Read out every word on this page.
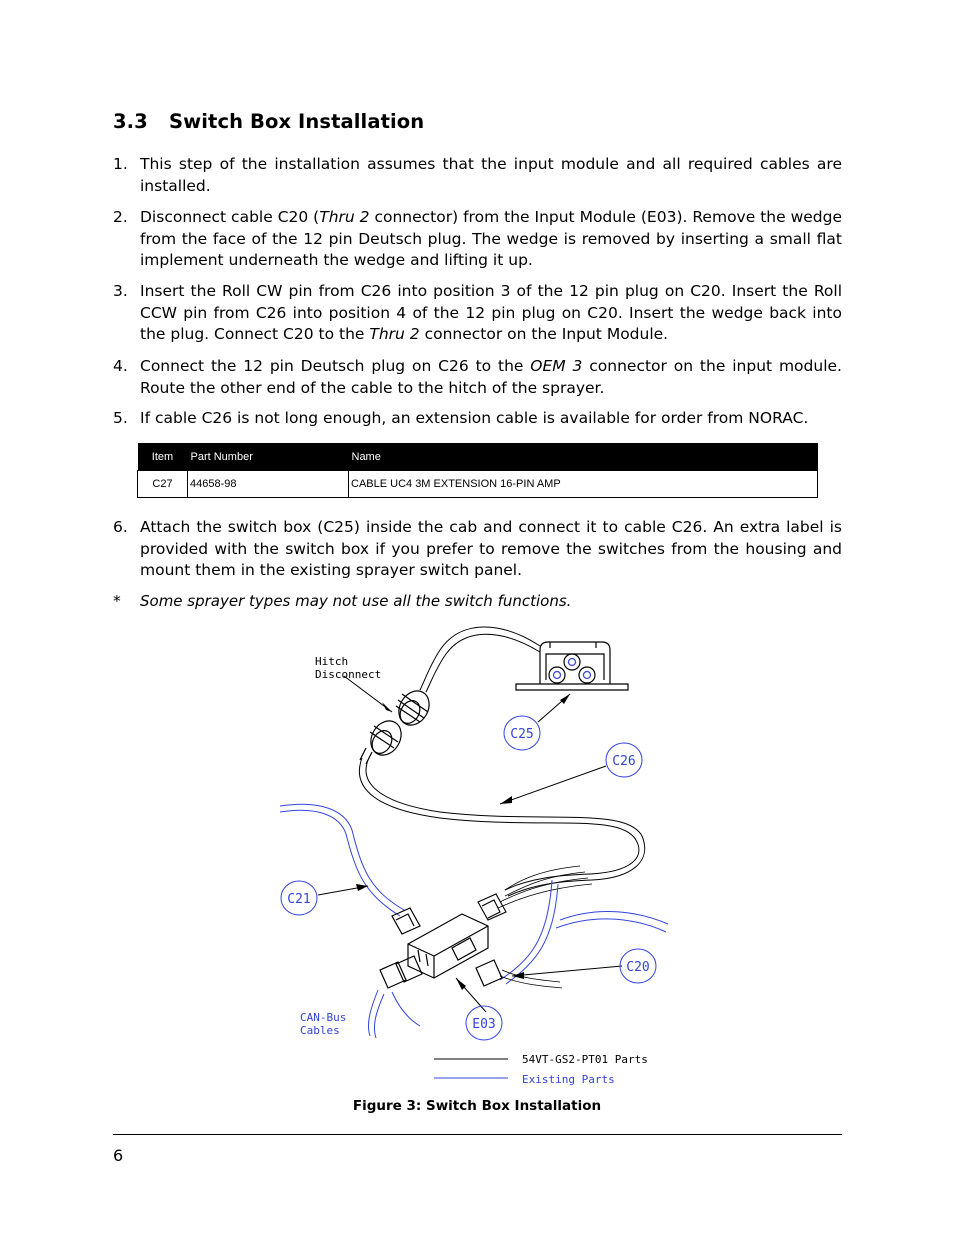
3.3 Switch Box Installation
1. This step of the installation assumes that the input module and all required cables are installed.
2. Disconnect cable C20 (Thru 2 connector) from the Input Module (E03). Remove the wedge from the face of the 12 pin Deutsch plug. The wedge is removed by inserting a small flat implement underneath the wedge and lifting it up.
3. Insert the Roll CW pin from C26 into position 3 of the 12 pin plug on C20. Insert the Roll CCW pin from C26 into position 4 of the 12 pin plug on C20. Insert the wedge back into the plug. Connect C20 to the Thru 2 connector on the Input Module.
4. Connect the 12 pin Deutsch plug on C26 to the OEM 3 connector on the input module. Route the other end of the cable to the hitch of the sprayer.
5. If cable C26 is not long enough, an extension cable is available for order from NORAC.
Item	Part Number	Name
C27	44658-98	CABLE UC4 3M EXTENSION 16-PIN AMP
6. Attach the switch box (C25) inside the cab and connect it to cable C26. An extra label is provided with the switch box if you prefer to remove the switches from the housing and mount them in the existing sprayer switch panel.
* Some sprayer types may not use all the switch functions.
C25
C26
C21
C20
E03
Hitch
Disconnect
CAN-Bus
Cables
54VT-GS2-PT01 Parts
Existing Parts
Figure 3: Switch Box Installation
6
